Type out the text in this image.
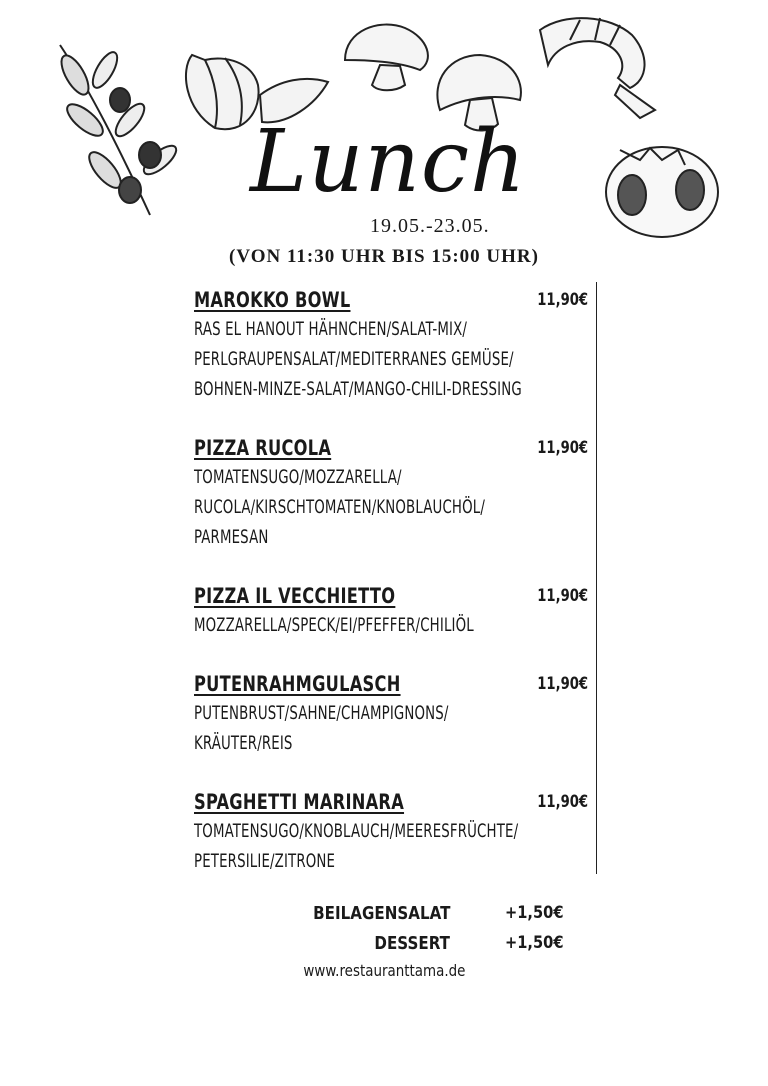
Lunch
19.05.-23.05.
(VON 11:30 UHR BIS 15:00 UHR)
MAROKKO BOWL	11,90€
RAS EL HANOUT HÄHNCHEN/SALAT-MIX/
PERLGRAUPENSALAT/MEDITERRANES GEMÜSE/
BOHNEN-MINZE-SALAT/MANGO-CHILI-DRESSING
PIZZA RUCOLA	11,90€
TOMATENSUGO/MOZZARELLA/
RUCOLA/KIRSCHTOMATEN/KNOBLAUCHÖL/
PARMESAN
PIZZA IL VECCHIETTO	11,90€
MOZZARELLA/SPECK/EI/PFEFFER/CHILIÖL
PUTENRAHMGULASCH	11,90€
PUTENBRUST/SAHNE/CHAMPIGNONS/
KRÄUTER/REIS
SPAGHETTI MARINARA	11,90€
TOMATENSUGO/KNOBLAUCH/MEERESFRÜCHTE/
PETERSILIE/ZITRONE
BEILAGENSALAT	+1,50€
DESSERT	+1,50€
www.restauranttama.de
